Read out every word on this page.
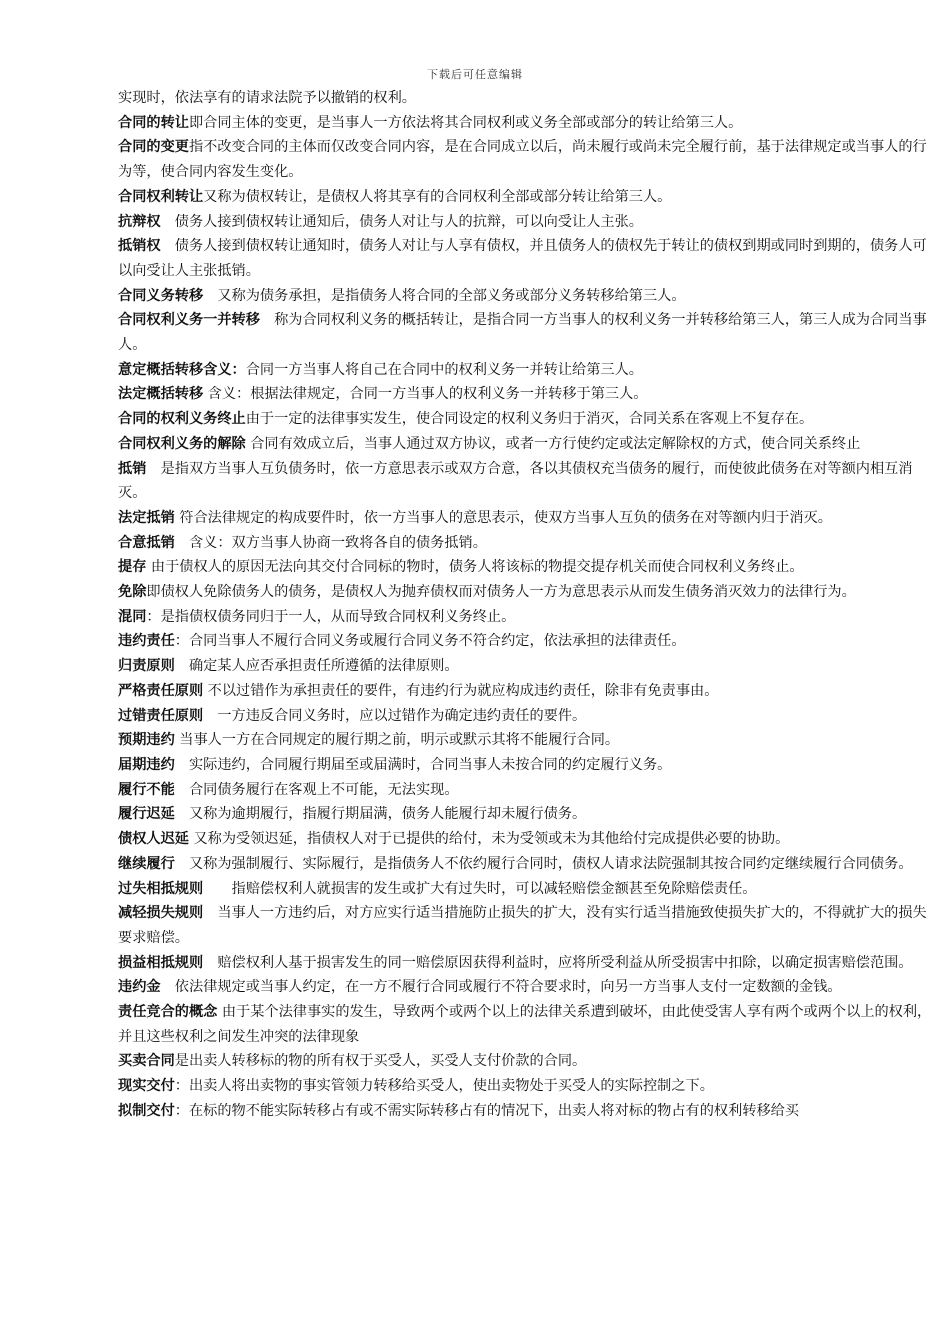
下载后可任意编辑

实现时，依法享有的请求法院予以撤销的权利。

合同的转让即合同主体的变更，是当事人一方依法将其合同权利或义务全部或部分的转让给第三人。

合同的变更指不改变合同的主体而仅改变合同内容，是在合同成立以后，尚未履行或尚未完全履行前，基于法律规定或当事人的行为等，使合同内容发生变化。

合同权利转让又称为债权转让，是债权人将其享有的合同权利全部或部分转让给第三人。

抗辩权　债务人接到债权转让通知后，债务人对让与人的抗辩，可以向受让人主张。

抵销权　债务人接到债权转让通知时，债务人对让与人享有债权，并且债务人的债权先于转让的债权到期或同时到期的，债务人可以向受让人主张抵销。

合同义务转移　又称为债务承担，是指债务人将合同的全部义务或部分义务转移给第三人。

合同权利义务一并转移　称为合同权利义务的概括转让，是指合同一方当事人的权利义务一并转移给第三人，第三人成为合同当事人。

意定概括转移含义：合同一方当事人将自己在合同中的权利义务一并转让给第三人。

法定概括转移 含义：根据法律规定，合同一方当事人的权利义务一并转移于第三人。

合同的权利义务终止由于一定的法律事实发生，使合同设定的权利义务归于消灭，合同关系在客观上不复存在。

合同权利义务的解除 合同有效成立后，当事人通过双方协议，或者一方行使约定或法定解除权的方式，使合同关系终止

抵销　是指双方当事人互负债务时，依一方意思表示或双方合意，各以其债权充当债务的履行，而使彼此债务在对等额内相互消灭。

法定抵销 符合法律规定的构成要件时，依一方当事人的意思表示，使双方当事人互负的债务在对等额内归于消灭。

合意抵销　含义：双方当事人协商一致将各自的债务抵销。

提存 由于债权人的原因无法向其交付合同标的物时，债务人将该标的物提交提存机关而使合同权利义务终止。

免除即债权人免除债务人的债务，是债权人为抛弃债权而对债务人一方为意思表示从而发生债务消灭效力的法律行为。

混同：是指债权债务同归于一人，从而导致合同权利义务终止。

违约责任：合同当事人不履行合同义务或履行合同义务不符合约定，依法承担的法律责任。

归责原则　确定某人应否承担责任所遵循的法律原则。

严格责任原则 不以过错作为承担责任的要件，有违约行为就应构成违约责任，除非有免责事由。

过错责任原则　一方违反合同义务时，应以过错作为确定违约责任的要件。

预期违约 当事人一方在合同规定的履行期之前，明示或默示其将不能履行合同。

届期违约　实际违约，合同履行期届至或届满时，合同当事人未按合同的约定履行义务。

履行不能　合同债务履行在客观上不可能，无法实现。

履行迟延　又称为逾期履行，指履行期届满，债务人能履行却未履行债务。

债权人迟延 又称为受领迟延，指债权人对于已提供的给付，未为受领或未为其他给付完成提供必要的协助。

继续履行　又称为强制履行、实际履行，是指债务人不依约履行合同时，债权人请求法院强制其按合同约定继续履行合同债务。

过失相抵规则　　指赔偿权利人就损害的发生或扩大有过失时，可以减轻赔偿金额甚至免除赔偿责任。

减轻损失规则　当事人一方违约后，对方应实行适当措施防止损失的扩大，没有实行适当措施致使损失扩大的，不得就扩大的损失要求赔偿。

损益相抵规则　赔偿权利人基于损害发生的同一赔偿原因获得利益时，应将所受利益从所受损害中扣除，以确定损害赔偿范围。

违约金　依法律规定或当事人约定，在一方不履行合同或履行不符合要求时，向另一方当事人支付一定数额的金钱。

责任竞合的概念 由于某个法律事实的发生，导致两个或两个以上的法律关系遭到破坏，由此使受害人享有两个或两个以上的权利，并且这些权利之间发生冲突的法律现象

买卖合同是出卖人转移标的物的所有权于买受人，买受人支付价款的合同。

现实交付：出卖人将出卖物的事实管领力转移给买受人，使出卖物处于买受人的实际控制之下。

拟制交付：在标的物不能实际转移占有或不需实际转移占有的情况下，出卖人将对标的物占有的权利转移给买
